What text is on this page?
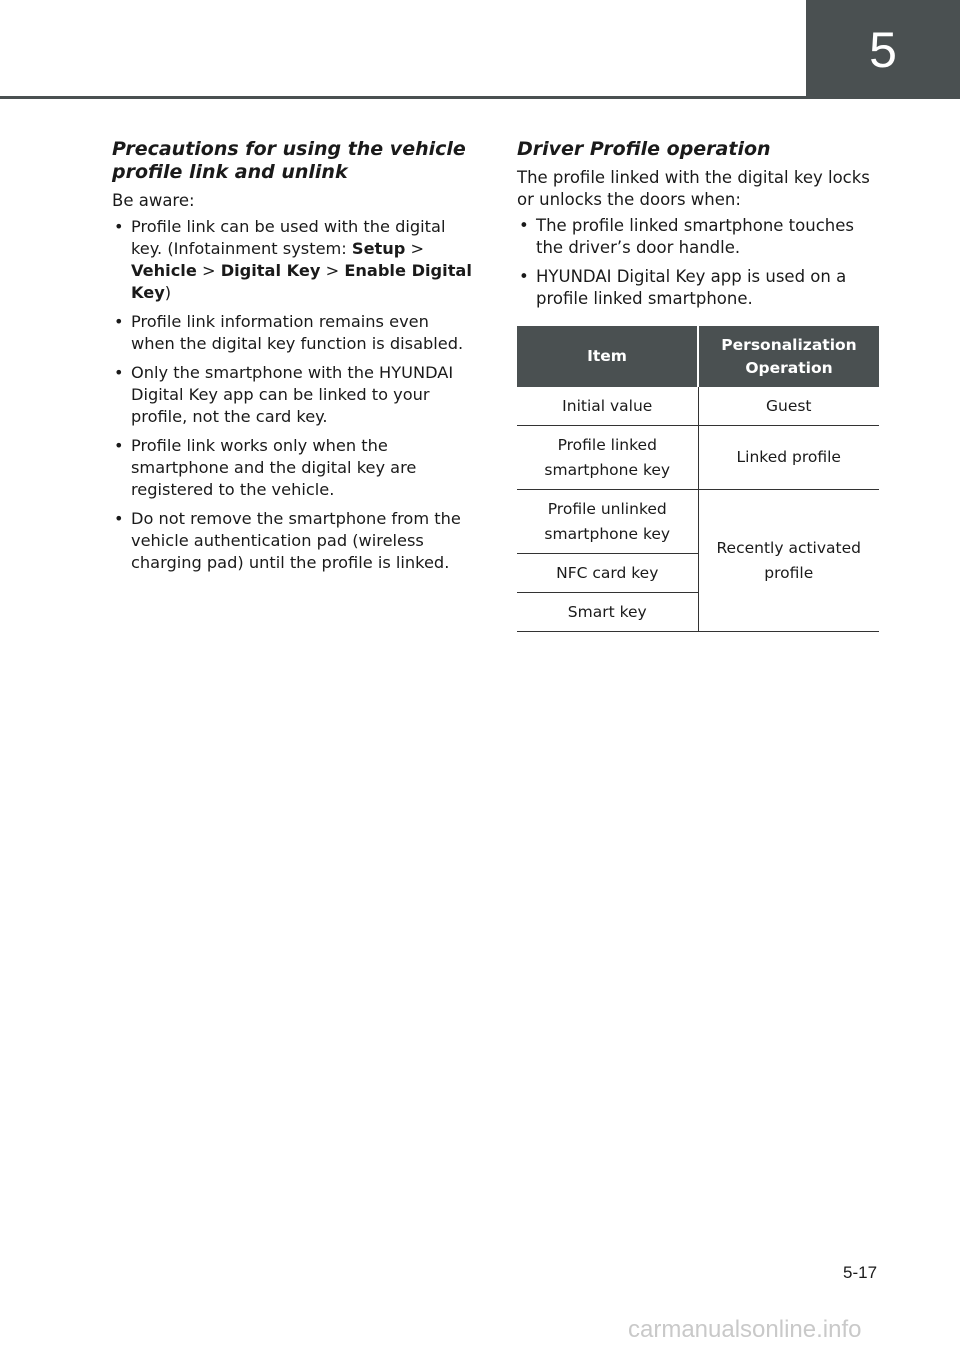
5
Precautions for using the vehicle profile link and unlink

Be aware:

• Profile link can be used with the digital key. (Infotainment system: Setup > Vehicle > Digital Key > Enable Digital Key)
• Profile link information remains even when the digital key function is disabled.
• Only the smartphone with the HYUNDAI Digital Key app can be linked to your profile, not the card key.
• Profile link works only when the smartphone and the digital key are registered to the vehicle.
• Do not remove the smartphone from the vehicle authentication pad (wireless charging pad) until the profile is linked.
Driver Profile operation

The profile linked with the digital key locks or unlocks the doors when:

• The profile linked smartphone touches the driver’s door handle.
• HYUNDAI Digital Key app is used on a profile linked smartphone.
Item	Personalization Operation
Initial value	Guest
Profile linked smartphone key	Linked profile
Profile unlinked smartphone key	Recently activated profile
NFC card key	
Smart key	
5-17
carmanualsonline.info
